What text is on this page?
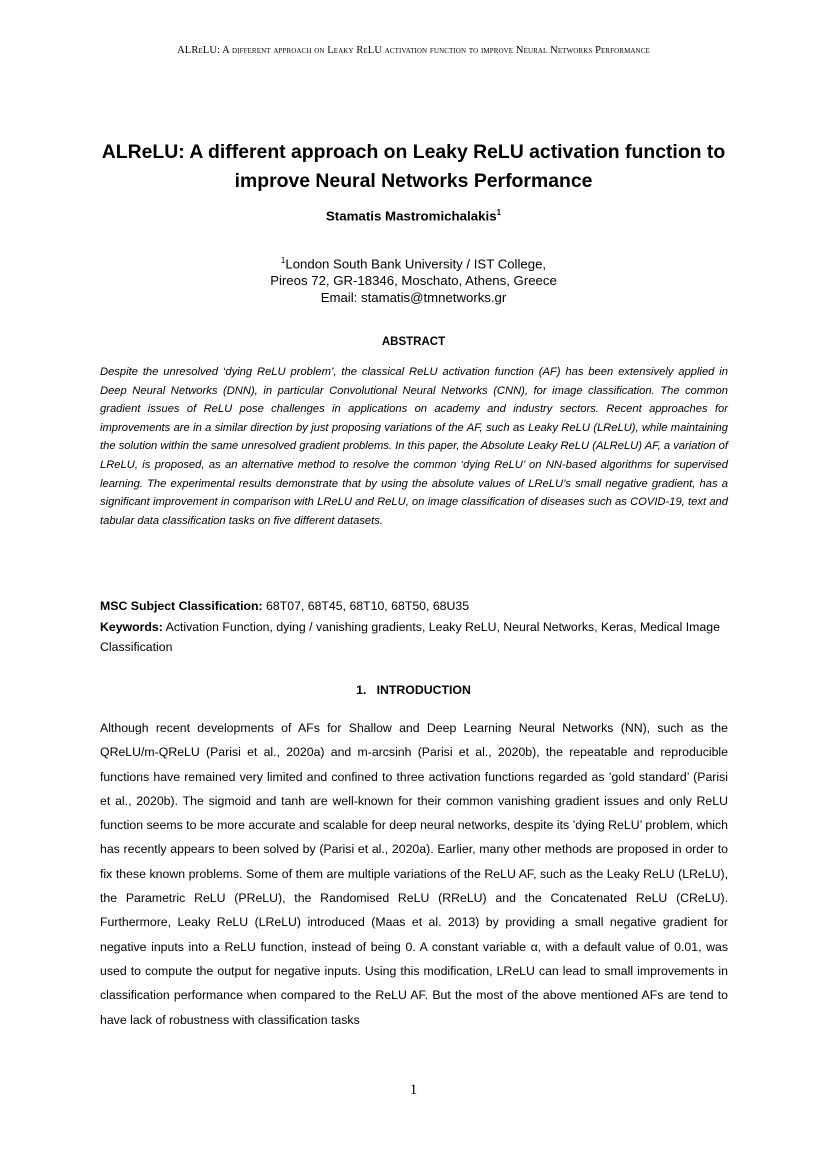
ALReLU: A different approach on Leaky ReLU activation function to improve Neural Networks Performance
ALReLU: A different approach on Leaky ReLU activation function to improve Neural Networks Performance
Stamatis Mastromichalakis$^1$
$^1$London South Bank University / IST College,
Pireos 72, GR-18346, Moschato, Athens, Greece
Email: stamatis@tmnetworks.gr
ABSTRACT

Despite the unresolved ‘dying ReLU problem’, the classical ReLU activation function (AF) has been extensively applied in Deep Neural Networks (DNN), in particular Convolutional Neural Networks (CNN), for image classification. The common gradient issues of ReLU pose challenges in applications on academy and industry sectors. Recent approaches for improvements are in a similar direction by just proposing variations of the AF, such as Leaky ReLU (LReLU), while maintaining the solution within the same unresolved gradient problems. In this paper, the Absolute Leaky ReLU (ALReLU) AF, a variation of LReLU, is proposed, as an alternative method to resolve the common ‘dying ReLU’ on NN-based algorithms for supervised learning. The experimental results demonstrate that by using the absolute values of LReLU’s small negative gradient, has a significant improvement in comparison with LReLU and ReLU, on image classification of diseases such as COVID-19, text and tabular data classification tasks on five different datasets.

MSC Subject Classification: 68T07, 68T45, 68T10, 68T50, 68U35
Keywords: Activation Function, dying / vanishing gradients, Leaky ReLU, Neural Networks, Keras, Medical Image Classification
1.   INTRODUCTION

Although recent developments of AFs for Shallow and Deep Learning Neural Networks (NN), such as the QReLU/m-QReLU (Parisi et al., 2020a) and m-arcsinh (Parisi et al., 2020b), the repeatable and reproducible functions have remained very limited and confined to three activation functions regarded as ’gold standard’ (Parisi et al., 2020b). The sigmoid and tanh are well-known for their common vanishing gradient issues and only ReLU function seems to be more accurate and scalable for deep neural networks, despite its ’dying ReLU’ problem, which has recently appears to been solved by (Parisi et al., 2020a). Earlier, many other methods are proposed in order to fix these known problems. Some of them are multiple variations of the ReLU AF, such as the Leaky ReLU (LReLU), the Parametric ReLU (PReLU), the Randomised ReLU (RReLU) and the Concatenated ReLU (CReLU). Furthermore, Leaky ReLU (LReLU) introduced (Maas et al. 2013) by providing a small negative gradient for negative inputs into a ReLU function, instead of being 0. A constant variable α, with a default value of 0.01, was used to compute the output for negative inputs. Using this modification, LReLU can lead to small improvements in classification performance when compared to the ReLU AF. But the most of the above mentioned AFs are tend to have lack of robustness with classification tasks

1
